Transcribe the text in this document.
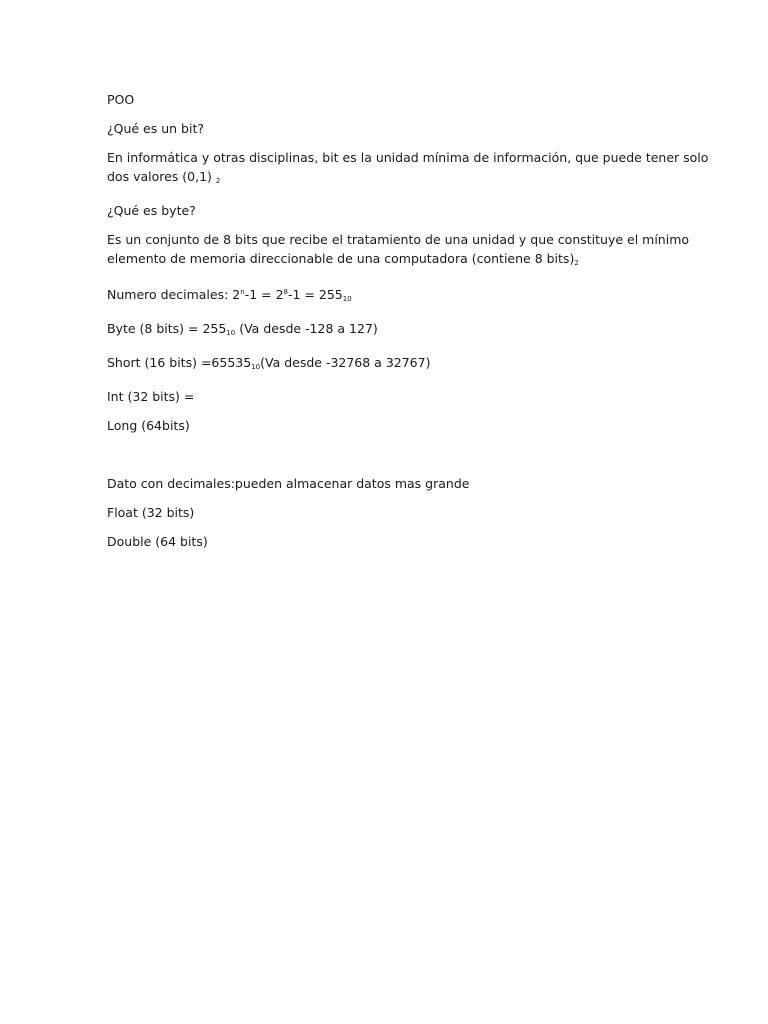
POO

¿Qué es un bit?

En informática y otras disciplinas, bit es la unidad mínima de información, que puede tener solo
dos valores (0,1) $_2$

¿Qué es byte?

Es un conjunto de 8 bits que recibe el tratamiento de una unidad y que constituye el mínimo
elemento de memoria direccionable de una computadora (contiene 8 $bits)_2$

Numero decimales: $2^n-1 = 2^8-1 = 255_{10}$

Byte (8 bits) = $255_{10}$ (Va desde -128 a 127)

Short (16 bits) $=65535_{10}(Va$ desde -32768 a 32767)

Int (32 bits) =

Long (64bits)

Dato con decimales:pueden almacenar datos mas grande

Float (32 bits)

Double (64 bits)
